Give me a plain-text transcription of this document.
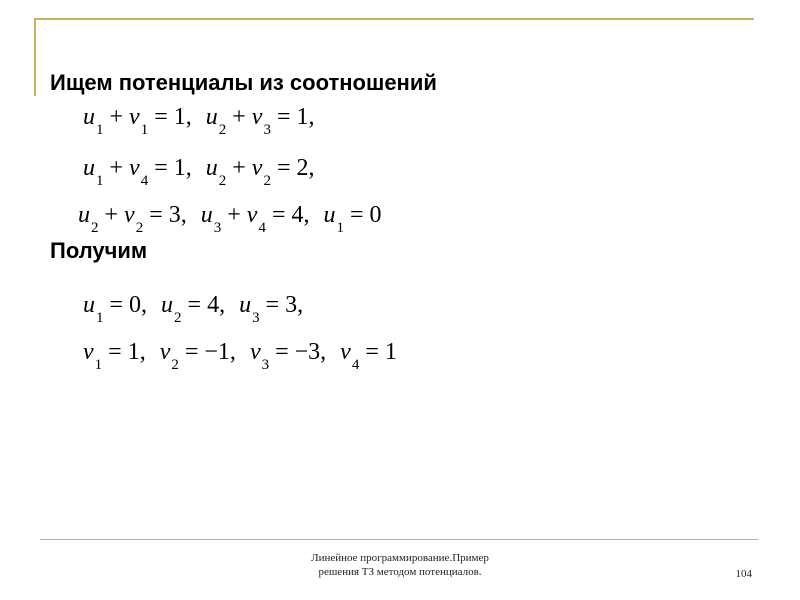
Ищем потенциалы из соотношений
$u_1 + v_1 = 1$, $u_2 + v_3 = 1$,
$u_1 + v_4 = 1$, $u_2 + v_2 = 2$,
$u_2 + v_2 = 3$, $u_3 + v_4 = 4$, $u_1 = 0$
Получим
$u_1 = 0$, $u_2 = 4$, $u_3 = 3$,
$v_1 = 1$, $v_2 = -1$, $v_3 = -3$, $v_4 = 1$
Линейное программирование.Пример
решения ТЗ методом потенциалов.	104
